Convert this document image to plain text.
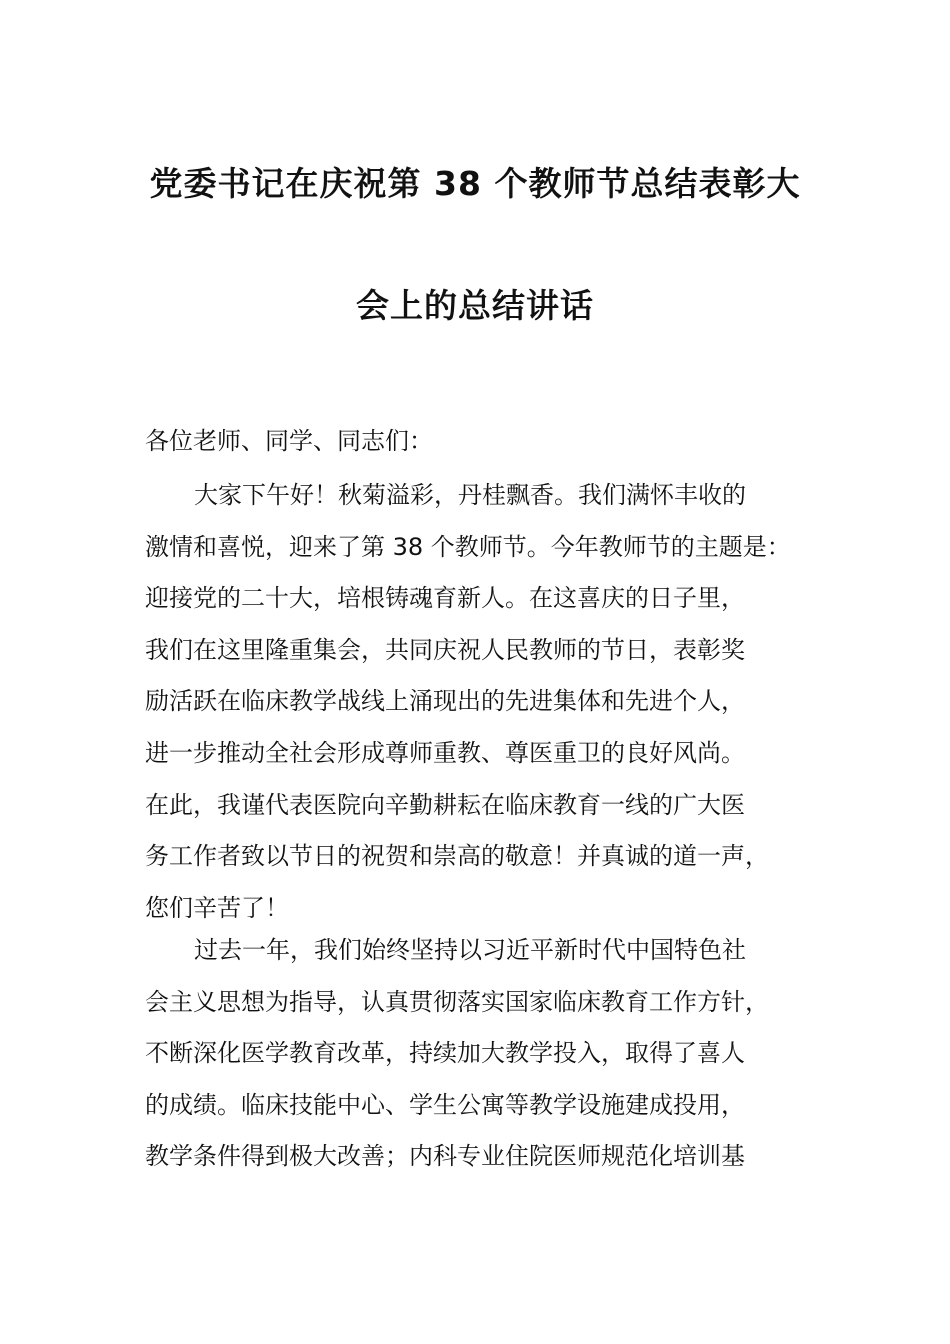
党委书记在庆祝第 38 个教师节总结表彰大
会上的总结讲话
各位老师、同学、同志们：
大家下午好！秋菊溢彩，丹桂飘香。我们满怀丰收的
激情和喜悦，迎来了第 38 个教师节。今年教师节的主题是：
迎接党的二十大，培根铸魂育新人。在这喜庆的日子里，
我们在这里隆重集会，共同庆祝人民教师的节日，表彰奖
励活跃在临床教学战线上涌现出的先进集体和先进个人，
进一步推动全社会形成尊师重教、尊医重卫的良好风尚。
在此，我谨代表医院向辛勤耕耘在临床教育一线的广大医
务工作者致以节日的祝贺和崇高的敬意！并真诚的道一声，
您们辛苦了！
过去一年，我们始终坚持以习近平新时代中国特色社
会主义思想为指导，认真贯彻落实国家临床教育工作方针，
不断深化医学教育改革，持续加大教学投入，取得了喜人
的成绩。临床技能中心、学生公寓等教学设施建成投用，
教学条件得到极大改善；内科专业住院医师规范化培训基
